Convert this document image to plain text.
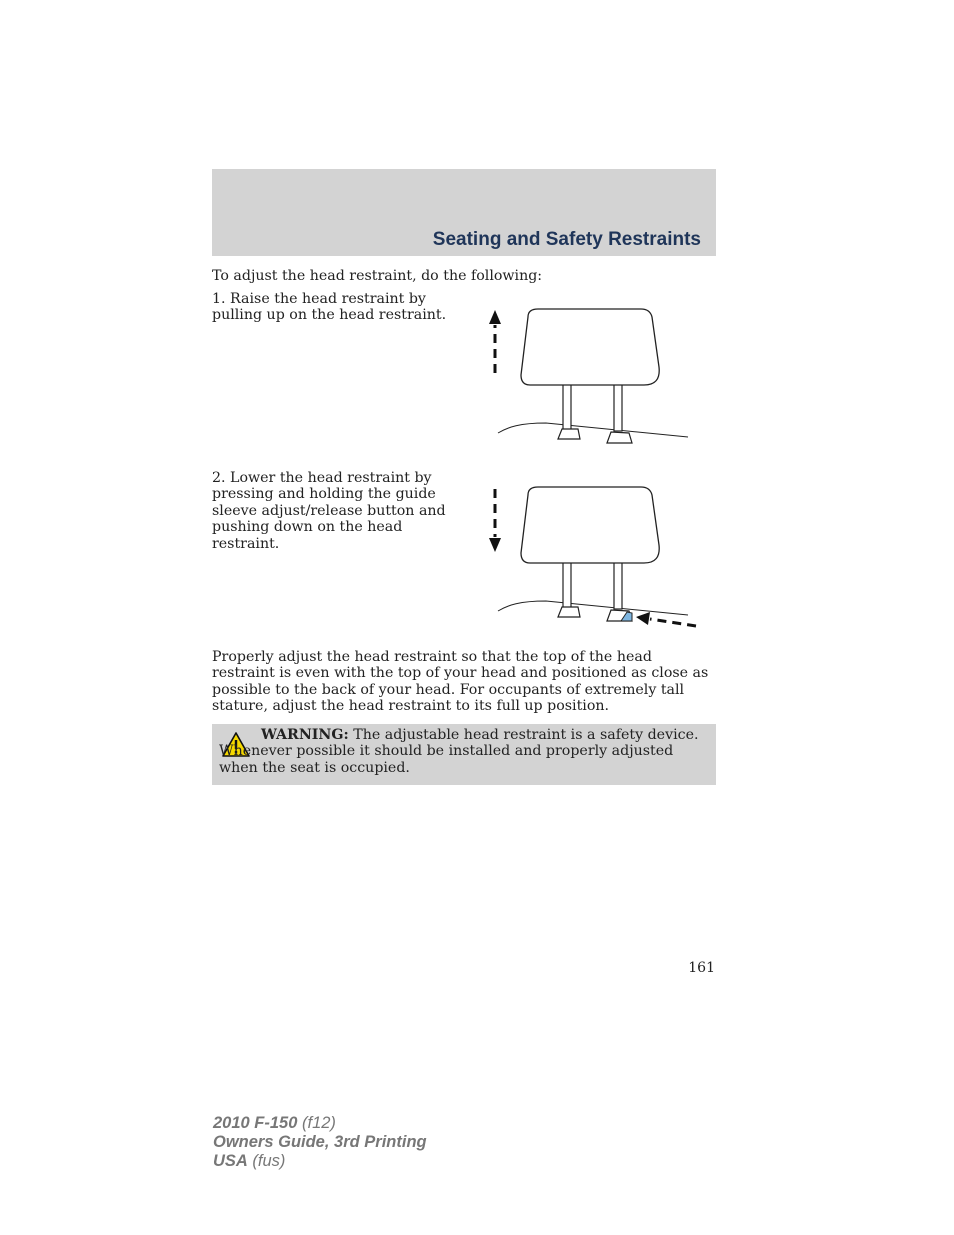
Seating and Safety Restraints

To adjust the head restraint, do the following:

1. Raise the head restraint by pulling up on the head restraint.

2. Lower the head restraint by pressing and holding the guide sleeve adjust/release button and pushing down on the head restraint.

Properly adjust the head restraint so that the top of the head restraint is even with the top of your head and positioned as close as possible to the back of your head. For occupants of extremely tall stature, adjust the head restraint to its full up position.

WARNING: The adjustable head restraint is a safety device. Whenever possible it should be installed and properly adjusted when the seat is occupied.

161
2010 F-150 (f12)
Owners Guide, 3rd Printing
USA (fus)
